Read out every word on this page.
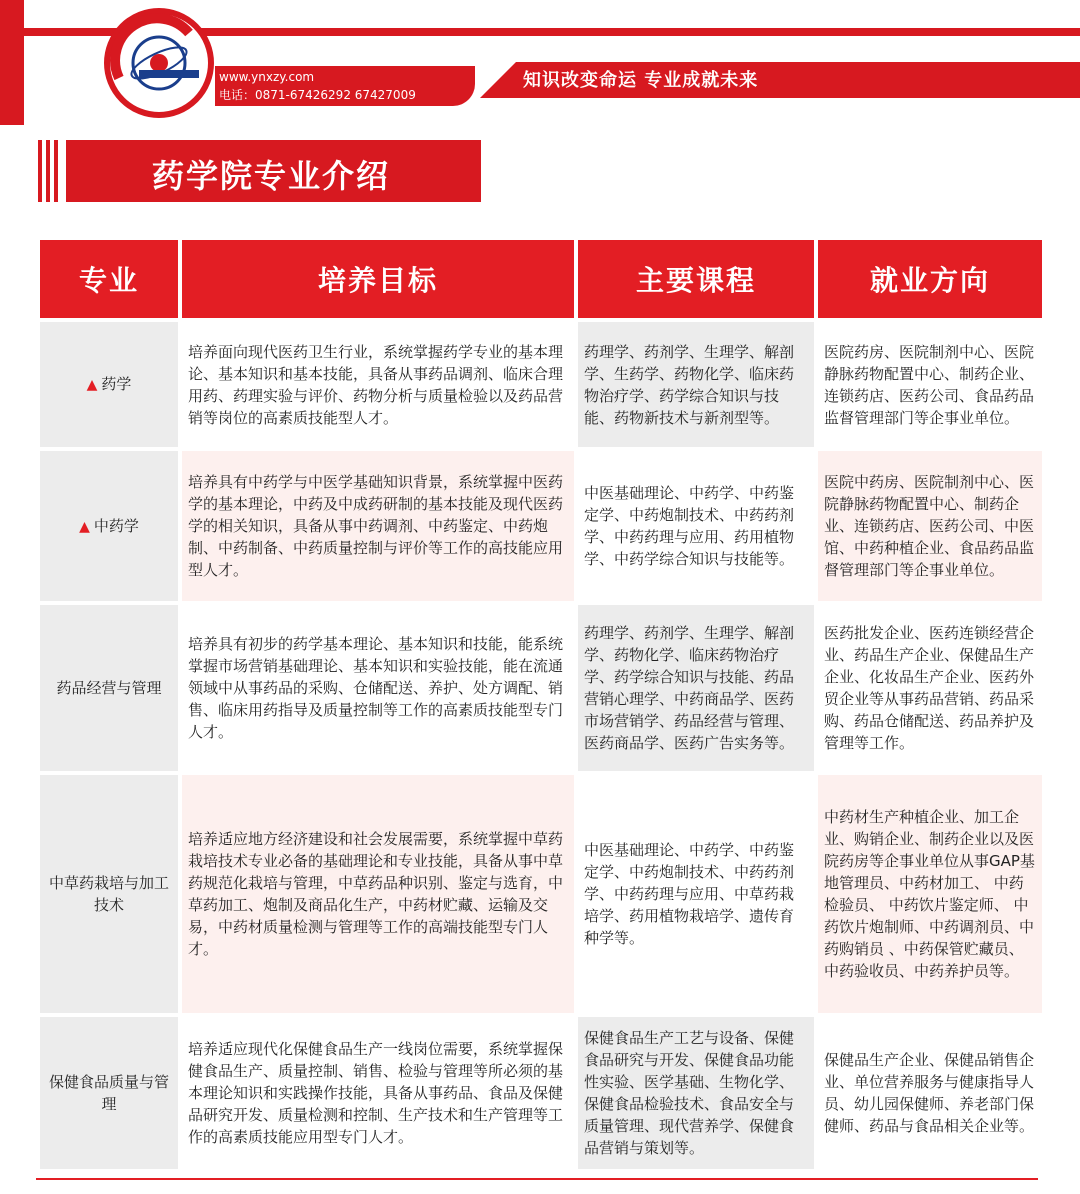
www.ynxzy.com
电话：0871-67426292 67427009
知识改变命运 专业成就未来
药学院专业介绍
专业	培养目标	主要课程	就业方向
▲ 药学	培养面向现代医药卫生行业，系统掌握药学专业的基本理论、基本知识和基本技能，具备从事药品调剂、临床合理用药、药理实验与评价、药物分析与质量检验以及药品营销等岗位的高素质技能型人才。	药理学、药剂学、生理学、解剖学、生药学、药物化学、临床药物治疗学、药学综合知识与技能、药物新技术与新剂型等。	医院药房、医院制剂中心、医院静脉药物配置中心、制药企业、连锁药店、医药公司、食品药品监督管理部门等企事业单位。
▲ 中药学	培养具有中药学与中医学基础知识背景，系统掌握中医药学的基本理论，中药及中成药研制的基本技能及现代医药学的相关知识，具备从事中药调剂、中药鉴定、中药炮制、中药制备、中药质量控制与评价等工作的高技能应用型人才。	中医基础理论、中药学、中药鉴定学、中药炮制技术、中药药剂学、中药药理与应用、药用植物学、中药学综合知识与技能等。	医院中药房、医院制剂中心、医院静脉药物配置中心、制药企业、连锁药店、医药公司、中医馆、中药种植企业、食品药品监督管理部门等企事业单位。
药品经营与管理	培养具有初步的药学基本理论、基本知识和技能，能系统掌握市场营销基础理论、基本知识和实验技能，能在流通领域中从事药品的采购、仓储配送、养护、处方调配、销售、临床用药指导及质量控制等工作的高素质技能型专门人才。	药理学、药剂学、生理学、解剖学、药物化学、临床药物治疗学、药学综合知识与技能、药品营销心理学、中药商品学、医药市场营销学、药品经营与管理、医药商品学、医药广告实务等。	医药批发企业、医药连锁经营企业、药品生产企业、保健品生产企业、化妆品生产企业、医药外贸企业等从事药品营销、药品采购、药品仓储配送、药品养护及管理等工作。
中草药栽培与加工技术	培养适应地方经济建设和社会发展需要，系统掌握中草药栽培技术专业必备的基础理论和专业技能，具备从事中草药规范化栽培与管理，中草药品种识别、鉴定与选育，中草药加工、炮制及商品化生产，中药材贮藏、运输及交易，中药材质量检测与管理等工作的高端技能型专门人才。	中医基础理论、中药学、中药鉴定学、中药炮制技术、中药药剂学、中药药理与应用、中草药栽培学、药用植物栽培学、遗传育种学等。	中药材生产种植企业、加工企业、购销企业、制药企业以及医院药房等企事业单位从事GAP基地管理员、中药材加工、 中药检验员、 中药饮片鉴定师、 中药饮片炮制师、中药调剂员、中药购销员 、中药保管贮藏员、中药验收员、中药养护员等。
保健食品质量与管理	培养适应现代化保健食品生产一线岗位需要，系统掌握保健食品生产、质量控制、销售、检验与管理等所必须的基本理论知识和实践操作技能，具备从事药品、食品及保健品研究开发、质量检测和控制、生产技术和生产管理等工作的高素质技能应用型专门人才。	保健食品生产工艺与设备、保健食品研究与开发、保健食品功能性实验、医学基础、生物化学、保健食品检验技术、食品安全与质量管理、现代营养学、保健食品营销与策划等。	保健品生产企业、保健品销售企业、单位营养服务与健康指导人员、幼儿园保健师、养老部门保健师、药品与食品相关企业等。
